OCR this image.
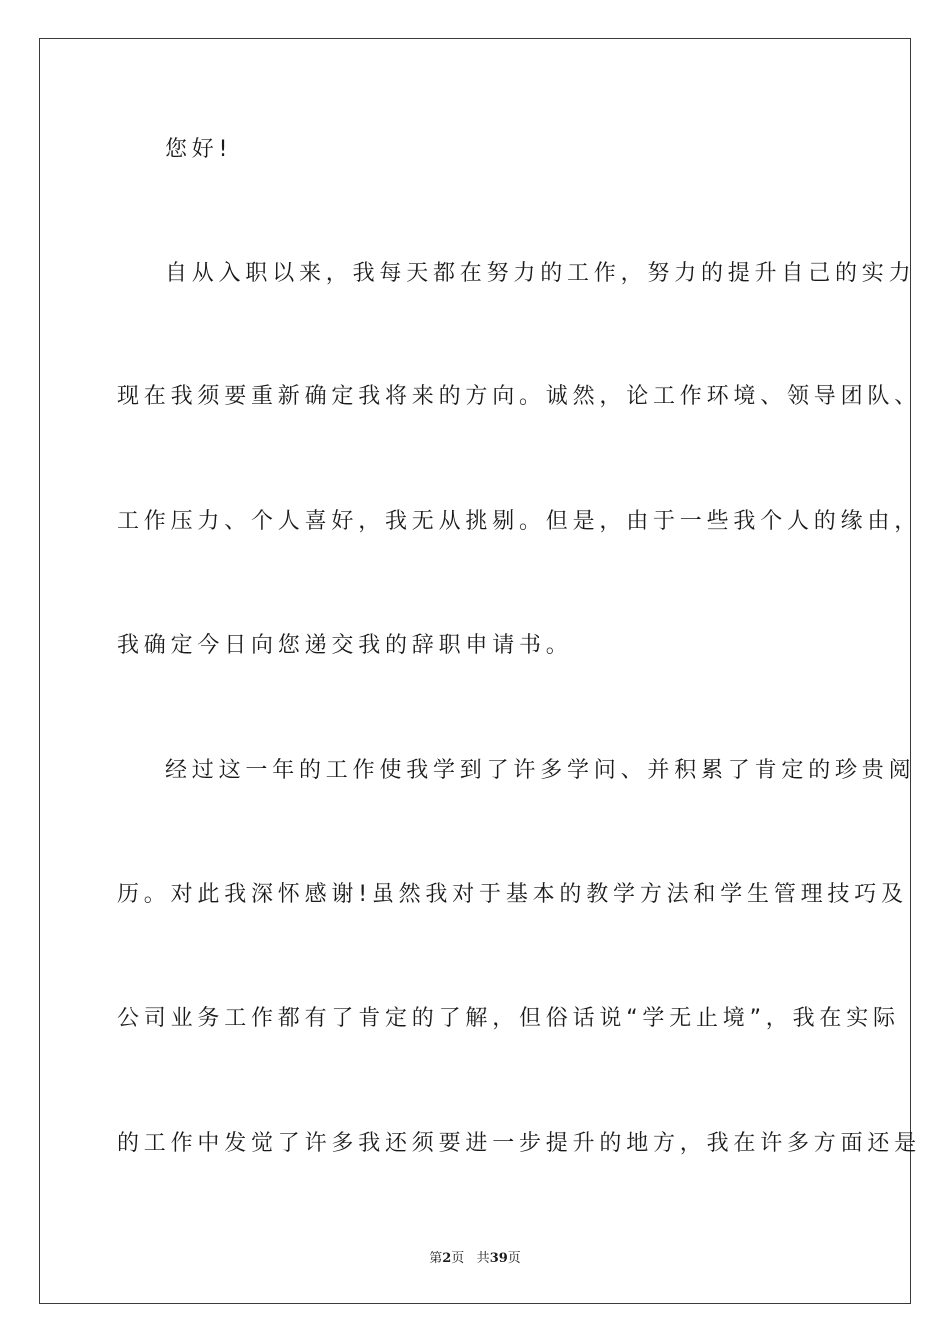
您好!
自从入职以来，我每天都在努力的工作，努力的提升自己的实力
现在我须要重新确定我将来的方向。诚然，论工作环境、领导团队、
工作压力、个人喜好，我无从挑剔。但是，由于一些我个人的缘由，
我确定今日向您递交我的辞职申请书。
经过这一年的工作使我学到了许多学问、并积累了肯定的珍贵阅
历。对此我深怀感谢!虽然我对于基本的教学方法和学生管理技巧及
公司业务工作都有了肯定的了解，但俗话说“学无止境”，我在实际
的工作中发觉了许多我还须要进一步提升的地方，我在许多方面还是
第2页 共39页
